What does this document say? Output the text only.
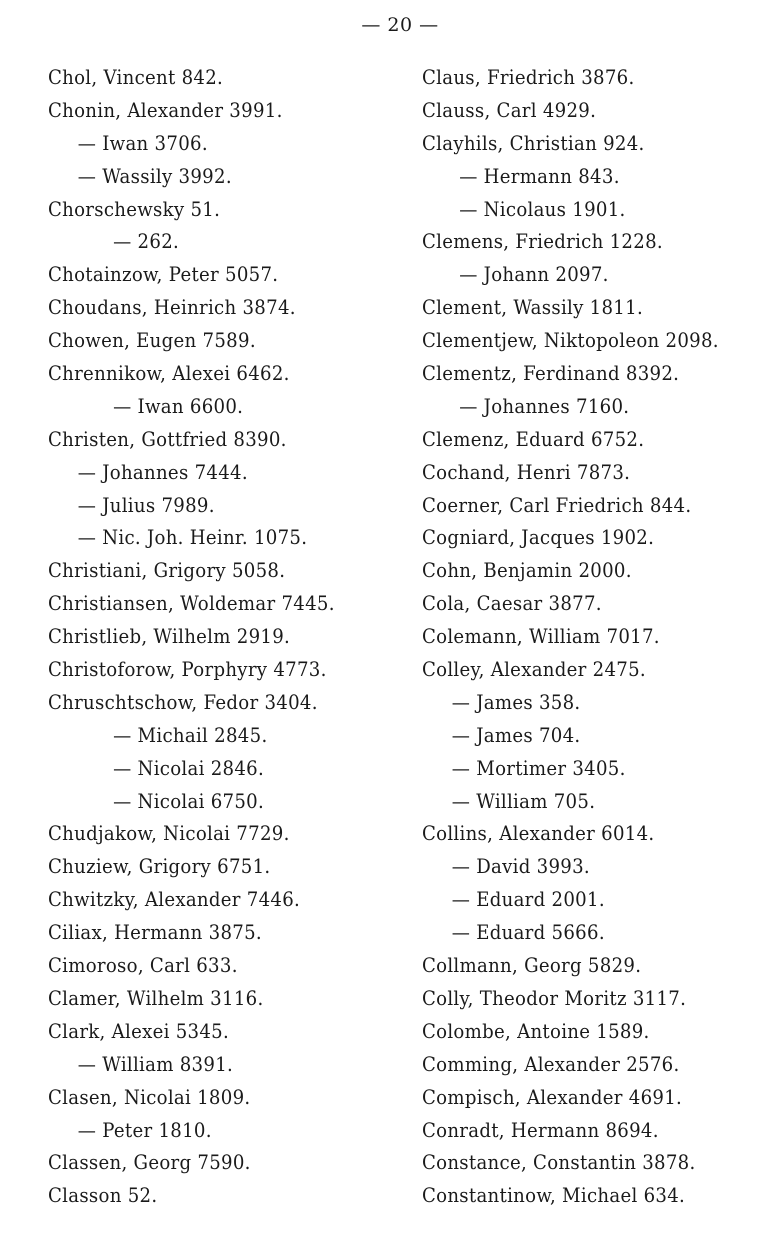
— 20 —
Chol, Vincent 842.
Chonin, Alexander 3991.
— Iwan 3706.
— Wassily 3992.
Chorschewsky 51.
— 262.
Chotainzow, Peter 5057.
Choudans, Heinrich 3874.
Chowen, Eugen 7589.
Chrennikow, Alexei 6462.
— Iwan 6600.
Christen, Gottfried 8390.
— Johannes 7444.
— Julius 7989.
— Nic. Joh. Heinr. 1075.
Christiani, Grigory 5058.
Christiansen, Woldemar 7445.
Christlieb, Wilhelm 2919.
Christoforow, Porphyry 4773.
Chruschtschow, Fedor 3404.
— Michail 2845.
— Nicolai 2846.
— Nicolai 6750.
Chudjakow, Nicolai 7729.
Chuziew, Grigory 6751.
Chwitzky, Alexander 7446.
Ciliax, Hermann 3875.
Cimoroso, Carl 633.
Clamer, Wilhelm 3116.
Clark, Alexei 5345.
— William 8391.
Clasen, Nicolai 1809.
— Peter 1810.
Classen, Georg 7590.
Classon 52.
Claus, Friedrich 3876.
Clauss, Carl 4929.
Clayhils, Christian 924.
— Hermann 843.
— Nicolaus 1901.
Clemens, Friedrich 1228.
— Johann 2097.
Clement, Wassily 1811.
Clementjew, Niktopoleon 2098.
Clementz, Ferdinand 8392.
— Johannes 7160.
Clemenz, Eduard 6752.
Cochand, Henri 7873.
Coerner, Carl Friedrich 844.
Cogniard, Jacques 1902.
Cohn, Benjamin 2000.
Cola, Caesar 3877.
Colemann, William 7017.
Colley, Alexander 2475.
— James 358.
— James 704.
— Mortimer 3405.
— William 705.
Collins, Alexander 6014.
— David 3993.
— Eduard 2001.
— Eduard 5666.
Collmann, Georg 5829.
Colly, Theodor Moritz 3117.
Colombe, Antoine 1589.
Comming, Alexander 2576.
Compisch, Alexander 4691.
Conradt, Hermann 8694.
Constance, Constantin 3878.
Constantinow, Michael 634.
